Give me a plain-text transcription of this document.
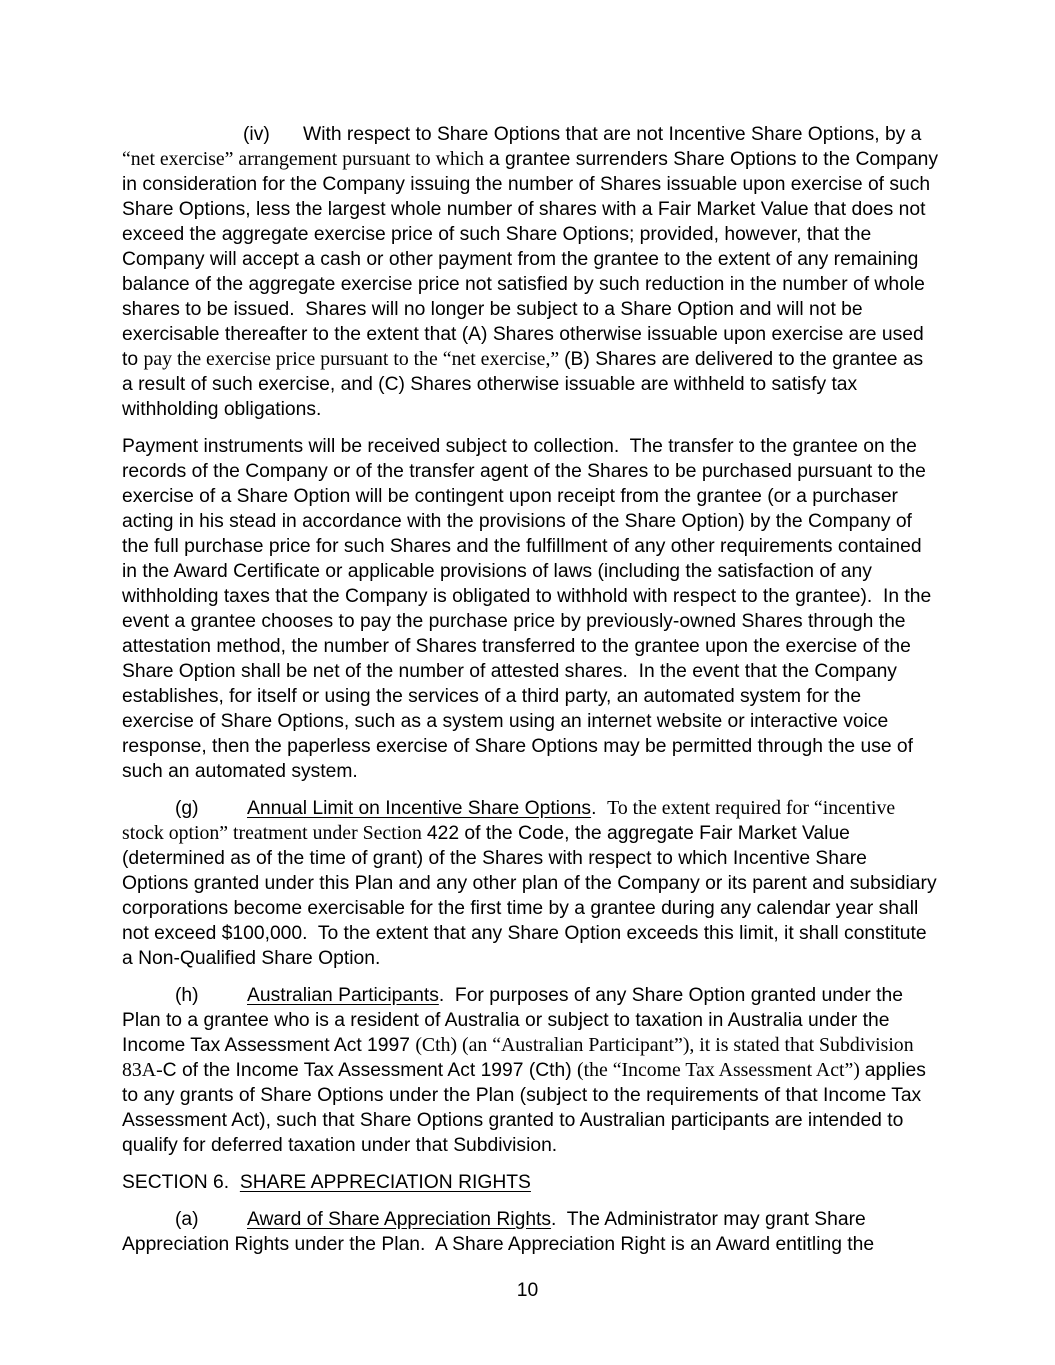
(iv) With respect to Share Options that are not Incentive Share Options, by a “net exercise” arrangement pursuant to which a grantee surrenders Share Options to the Company in consideration for the Company issuing the number of Shares issuable upon exercise of such Share Options, less the largest whole number of shares with a Fair Market Value that does not exceed the aggregate exercise price of such Share Options; provided, however, that the Company will accept a cash or other payment from the grantee to the extent of any remaining balance of the aggregate exercise price not satisfied by such reduction in the number of whole shares to be issued.  Shares will no longer be subject to a Share Option and will not be exercisable thereafter to the extent that (A) Shares otherwise issuable upon exercise are used to pay the exercise price pursuant to the “net exercise,” (B) Shares are delivered to the grantee as a result of such exercise, and (C) Shares otherwise issuable are withheld to satisfy tax withholding obligations.
Payment instruments will be received subject to collection.  The transfer to the grantee on the records of the Company or of the transfer agent of the Shares to be purchased pursuant to the exercise of a Share Option will be contingent upon receipt from the grantee (or a purchaser acting in his stead in accordance with the provisions of the Share Option) by the Company of the full purchase price for such Shares and the fulfillment of any other requirements contained in the Award Certificate or applicable provisions of laws (including the satisfaction of any withholding taxes that the Company is obligated to withhold with respect to the grantee).  In the event a grantee chooses to pay the purchase price by previously-owned Shares through the attestation method, the number of Shares transferred to the grantee upon the exercise of the Share Option shall be net of the number of attested shares.  In the event that the Company establishes, for itself or using the services of a third party, an automated system for the exercise of Share Options, such as a system using an internet website or interactive voice response, then the paperless exercise of Share Options may be permitted through the use of such an automated system.
(g)	Annual Limit on Incentive Share Options.  To the extent required for “incentive stock option” treatment under Section 422 of the Code, the aggregate Fair Market Value (determined as of the time of grant) of the Shares with respect to which Incentive Share Options granted under this Plan and any other plan of the Company or its parent and subsidiary corporations become exercisable for the first time by a grantee during any calendar year shall not exceed $100,000.  To the extent that any Share Option exceeds this limit, it shall constitute a Non-Qualified Share Option.
(h)	Australian Participants.  For purposes of any Share Option granted under the Plan to a grantee who is a resident of Australia or subject to taxation in Australia under the Income Tax Assessment Act 1997 (Cth) (an “Australian Participant”), it is stated that Subdivision 83A-C of the Income Tax Assessment Act 1997 (Cth) (the “Income Tax Assessment Act”) applies to any grants of Share Options under the Plan (subject to the requirements of that Income Tax Assessment Act), such that Share Options granted to Australian participants are intended to qualify for deferred taxation under that Subdivision.
SECTION 6.  SHARE APPRECIATION RIGHTS
(a)	Award of Share Appreciation Rights.  The Administrator may grant Share Appreciation Rights under the Plan.  A Share Appreciation Right is an Award entitling the
10
